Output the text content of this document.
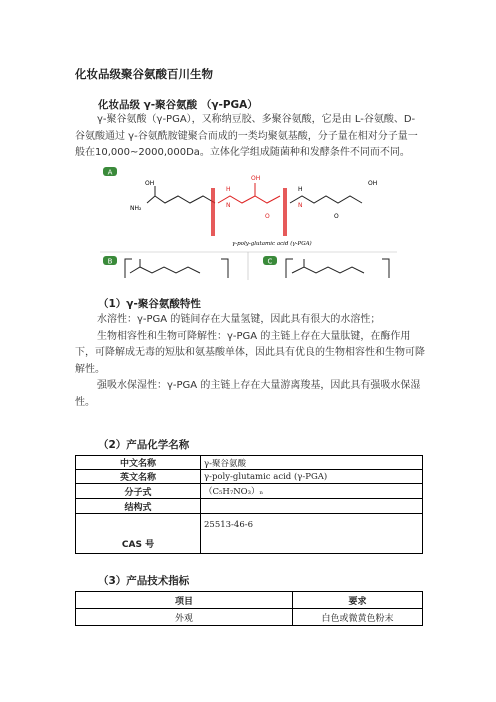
化妆品级聚谷氨酸百川生物
化妆品级 γ-聚谷氨酸 （γ-PGA）

γ-聚谷氨酸（γ-PGA），又称纳豆胶、多聚谷氨酸，它是由 L-谷氨酸、D-谷氨酸通过 γ-谷氨酰胺键聚合而成的一类均聚氨基酸，分子量在相对分子量一般在10,000~2000,000Da。立体化学组成随菌种和发酵条件不同而不同。

A
OH
NH₂
OH
H
N
O
N
H
OH
O
γ-poly-glutamic acid (γ-PGA)
B	C
（1）γ-聚谷氨酸特性

水溶性：γ-PGA 的链间存在大量氢键，因此具有很大的水溶性；

生物相容性和生物可降解性：γ-PGA 的主链上存在大量肽键，在酶作用下，可降解成无毒的短肽和氨基酸单体，因此具有优良的生物相容性和生物可降解性。

强吸水保湿性：γ-PGA 的主链上存在大量游离羧基，因此具有强吸水保湿性。

（2）产品化学名称
中文名称	γ-聚谷氨酸
英文名称	γ-poly-glutamic acid (γ-PGA)
分子式	（C₅H₇NO₃）ₙ
结构式	
CAS 号	25513-46-6
（3）产品技术指标
项目	要求
外观	白色或微黄色粉末
